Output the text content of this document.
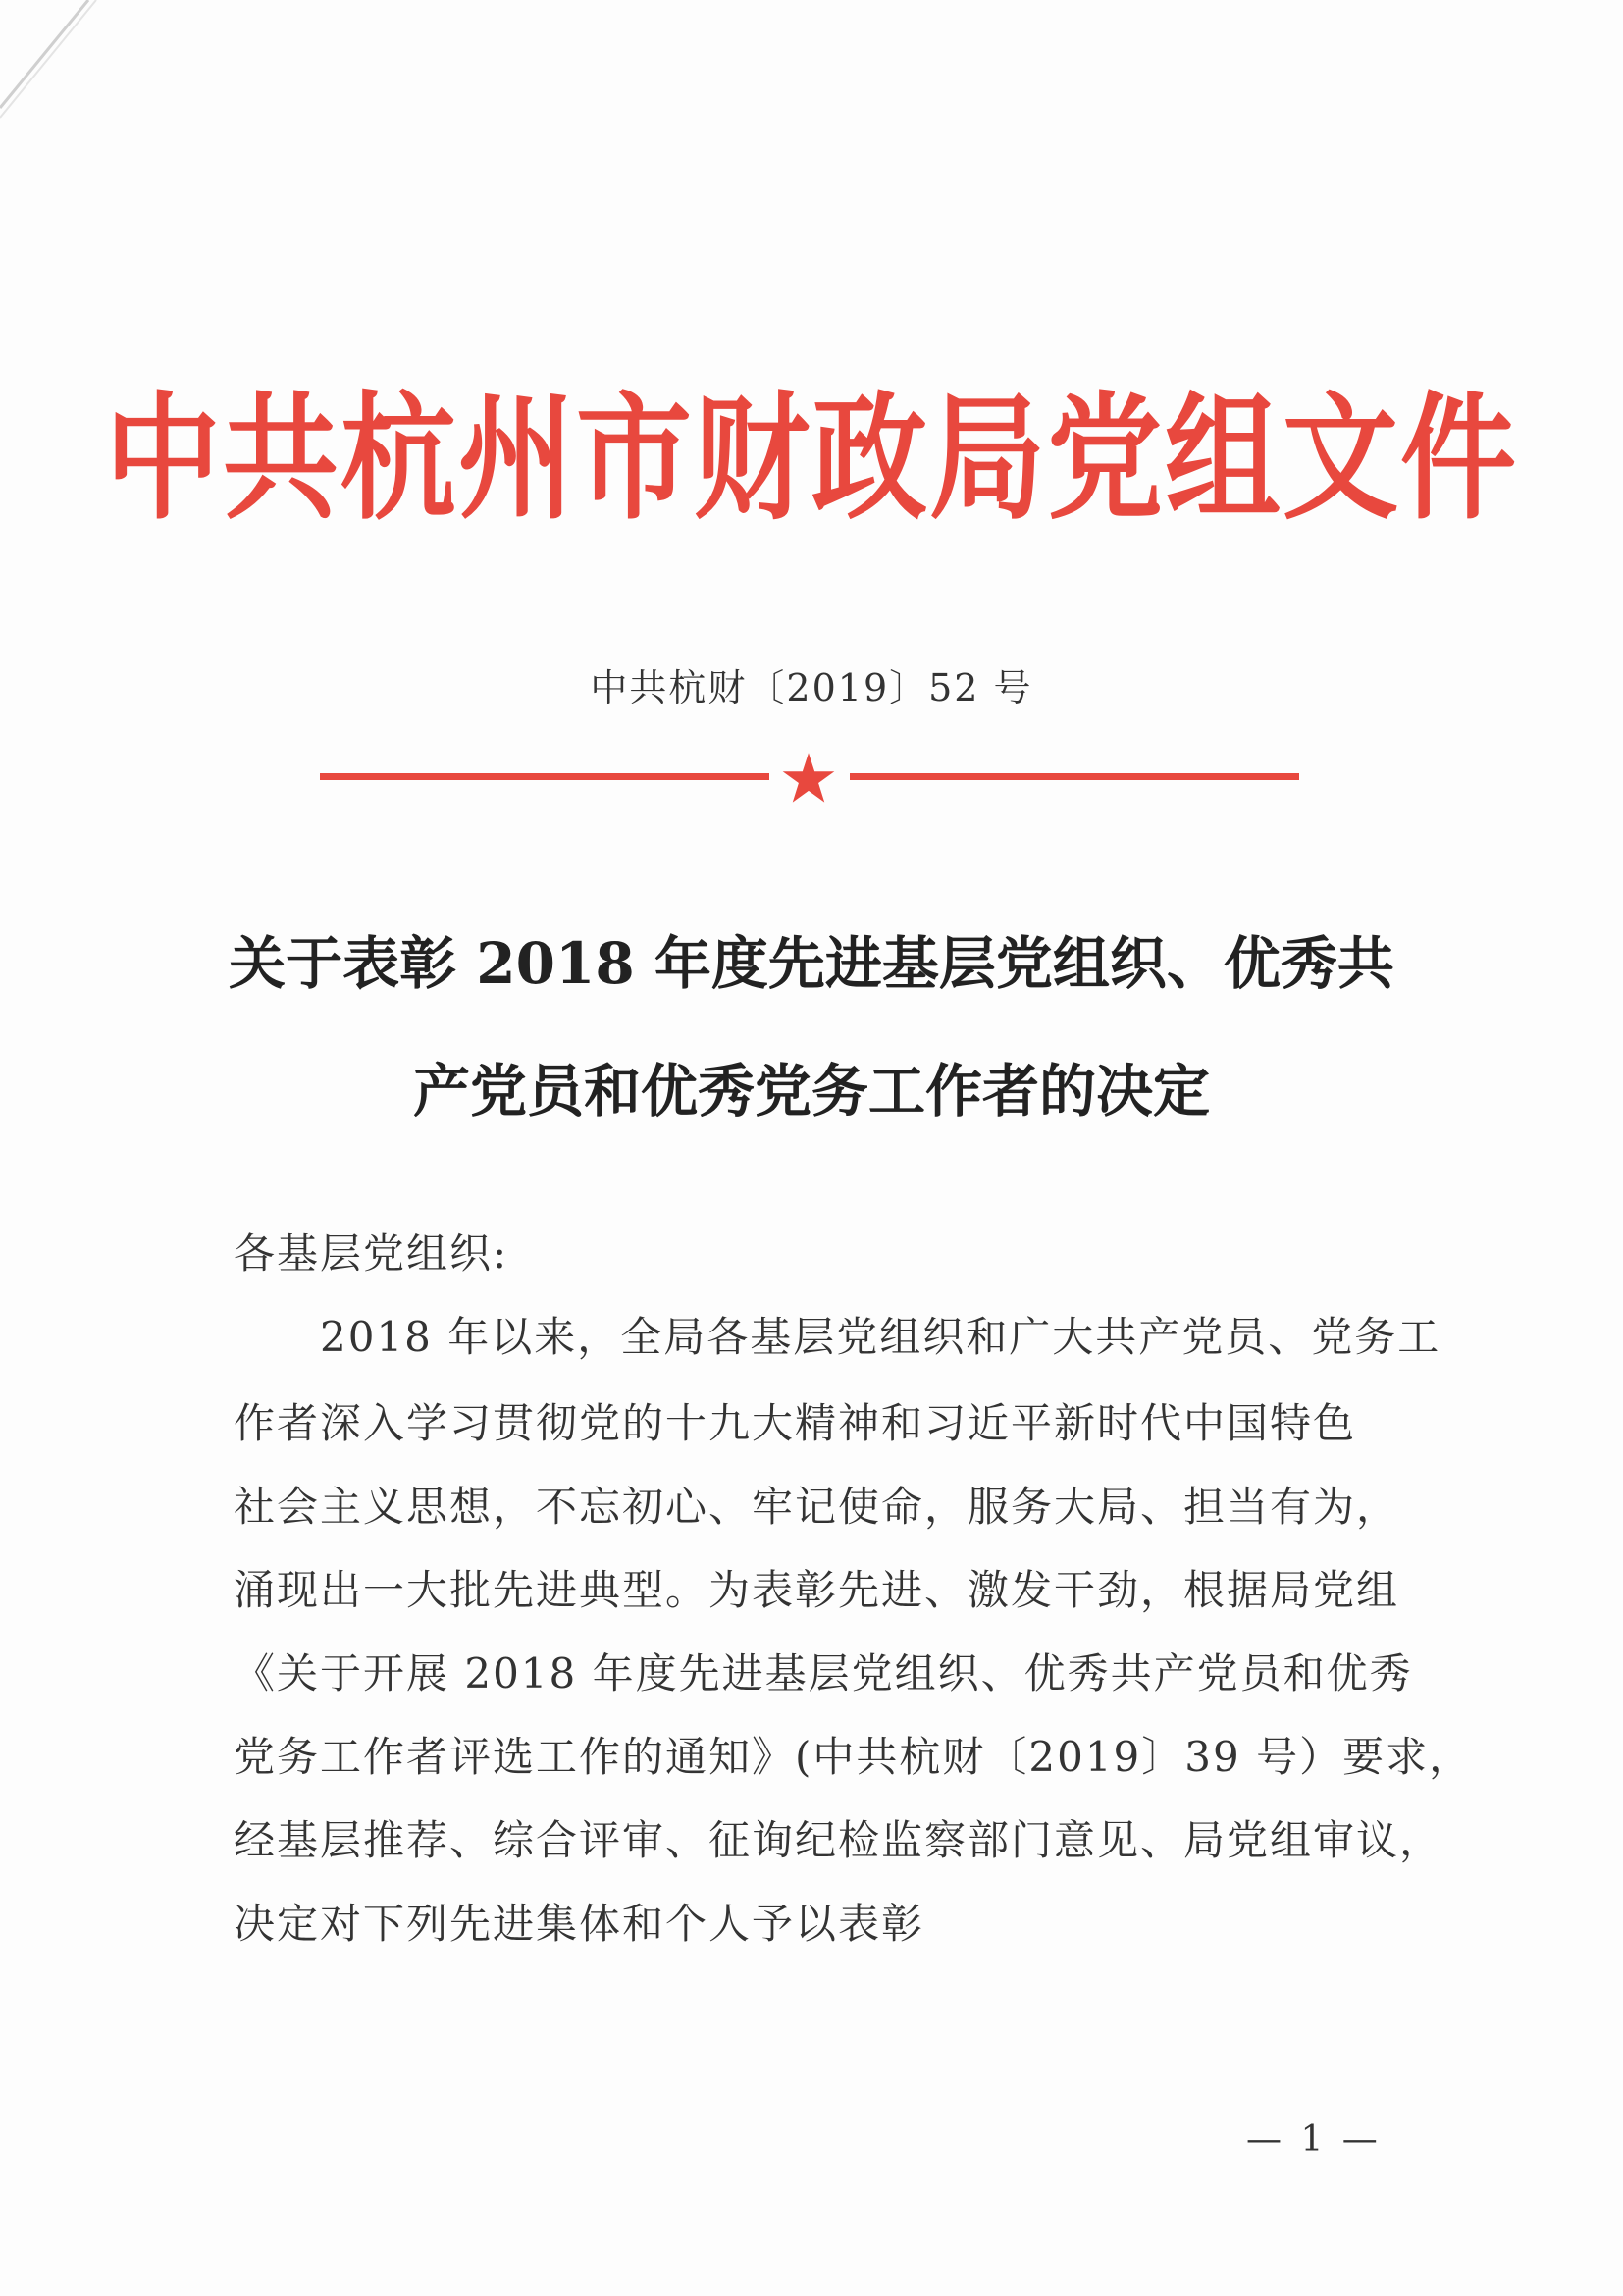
中共杭州市财政局党组文件
中共杭财〔2019〕52 号
关于表彰 2018 年度先进基层党组织、优秀共
产党员和优秀党务工作者的决定
各基层党组织:
　　2018 年以来，全局各基层党组织和广大共产党员、党务工
作者深入学习贯彻党的十九大精神和习近平新时代中国特色
社会主义思想，不忘初心、牢记使命，服务大局、担当有为，
涌现出一大批先进典型。为表彰先进、激发干劲，根据局党组
《关于开展 2018 年度先进基层党组织、优秀共产党员和优秀
党务工作者评选工作的通知》(中共杭财〔2019〕39 号）要求，
经基层推荐、综合评审、征询纪检监察部门意见、局党组审议，
决定对下列先进集体和个人予以表彰
— 1 —
